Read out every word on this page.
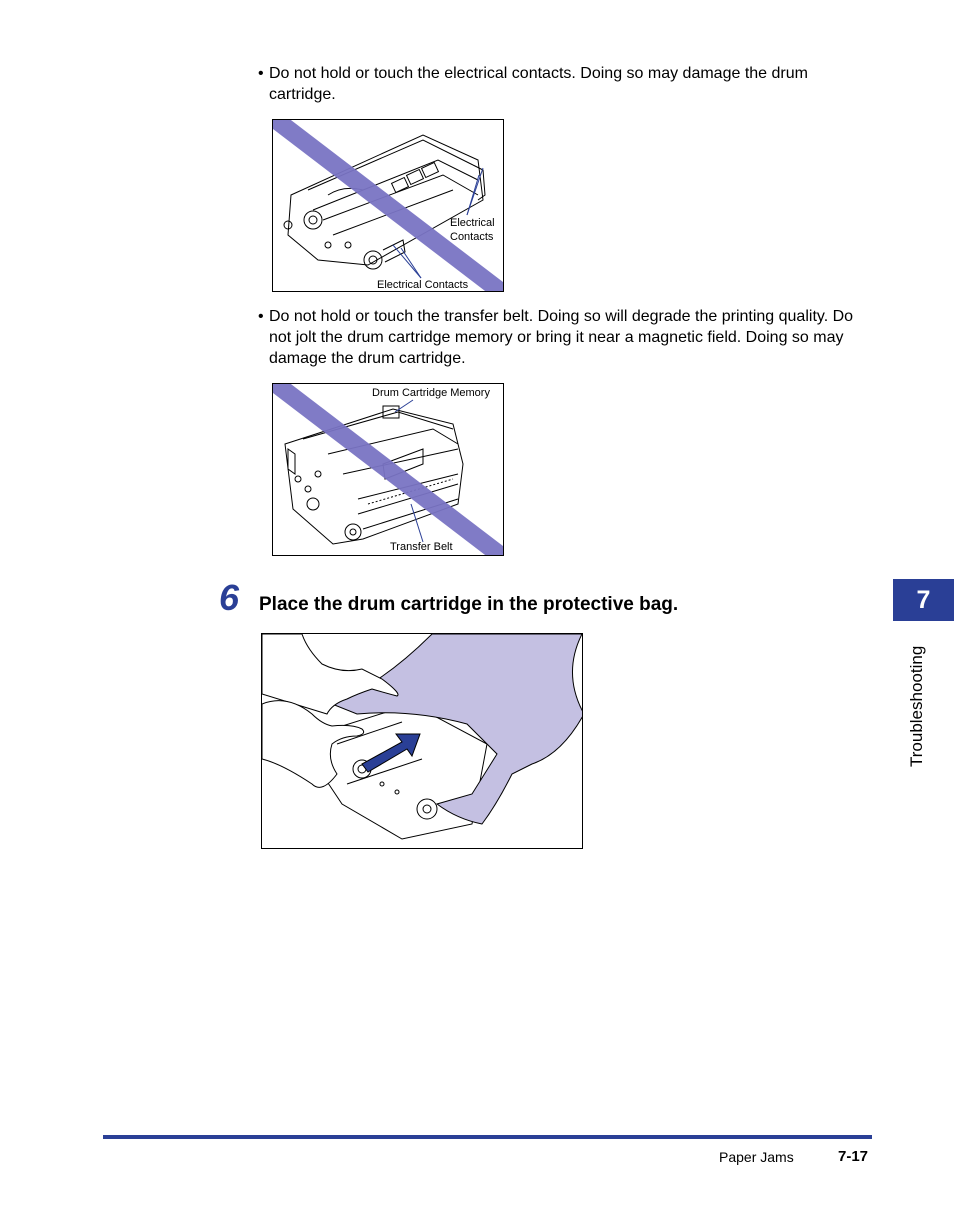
• Do not hold or touch the electrical contacts. Doing so may damage the drum cartridge.
Electrical
Contacts
Electrical Contacts
• Do not hold or touch the transfer belt. Doing so will degrade the printing quality. Do not jolt the drum cartridge memory or bring it near a magnetic field. Doing so may damage the drum cartridge.
Drum Cartridge Memory
Transfer Belt
6 Place the drum cartridge in the protective bag.	7
Troubleshooting
Paper Jams	7-17
